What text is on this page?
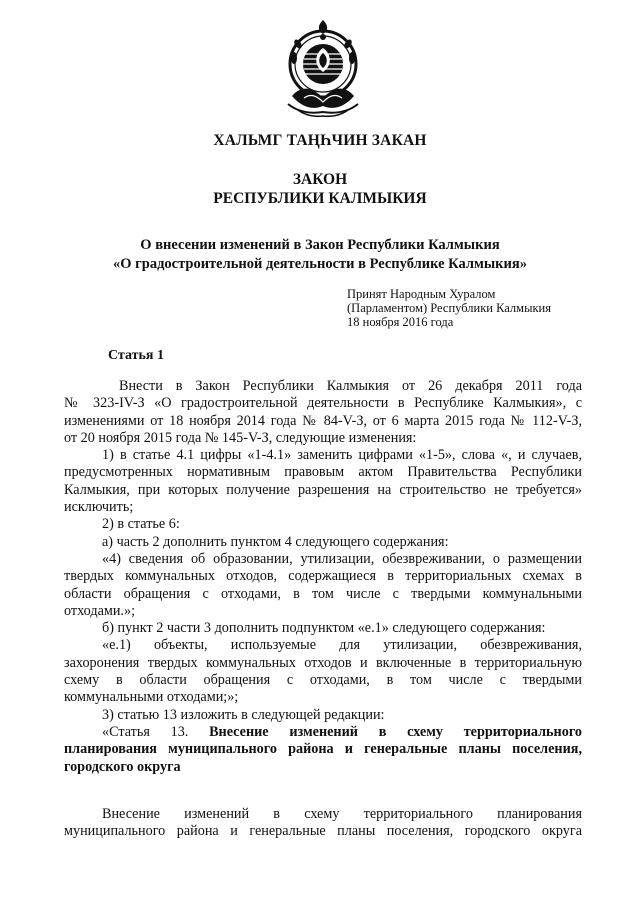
ХАЛЬМГ ТАҢҺЧИН ЗАКАН
ЗАКОН
РЕСПУБЛИКИ КАЛМЫКИЯ
О внесении изменений в Закон Республики Калмыкия
«О градостроительной деятельности в Республике Калмыкия»
Принят Народным Хуралом
(Парламентом) Республики Калмыкия
18 ноября 2016 года
Статья 1

Внести в Закон Республики Калмыкия от 26 декабря 2011 года

№ 323-IV-З «О градостроительной деятельности в Республике Калмыкия», с

изменениями от 18 ноября 2014 года № 84-V-З, от 6 марта 2015 года № 112-V-З,

от 20 ноября 2015 года № 145-V-З, следующие изменения:

1) в статье 4.1 цифры «1-4.1» заменить цифрами «1-5», слова «, и случаев,

предусмотренных нормативным правовым актом Правительства Республики

Калмыкия, при которых получение разрешения на строительство не требуется»

исключить;

2) в статье 6:

а) часть 2 дополнить пунктом 4 следующего содержания:

«4) сведения об образовании, утилизации, обезвреживании, о размещении

твердых коммунальных отходов, содержащиеся в территориальных схемах в

области обращения с отходами, в том числе с твердыми коммунальными

отходами.»;

б) пункт 2 части 3 дополнить подпунктом «е.1» следующего содержания:

«е.1) объекты, используемые для утилизации, обезвреживания,

захоронения твердых коммунальных отходов и включенные в территориальную

схему в области обращения с отходами, в том числе с твердыми

коммунальными отходами;»;

3) статью 13 изложить в следующей редакции:

«Статья 13. Внесение изменений в схему территориального

планирования муниципального района и генеральные планы поселения,

городского округа

Внесение изменений в схему территориального планирования

муниципального района и генеральные планы поселения, городского округа
